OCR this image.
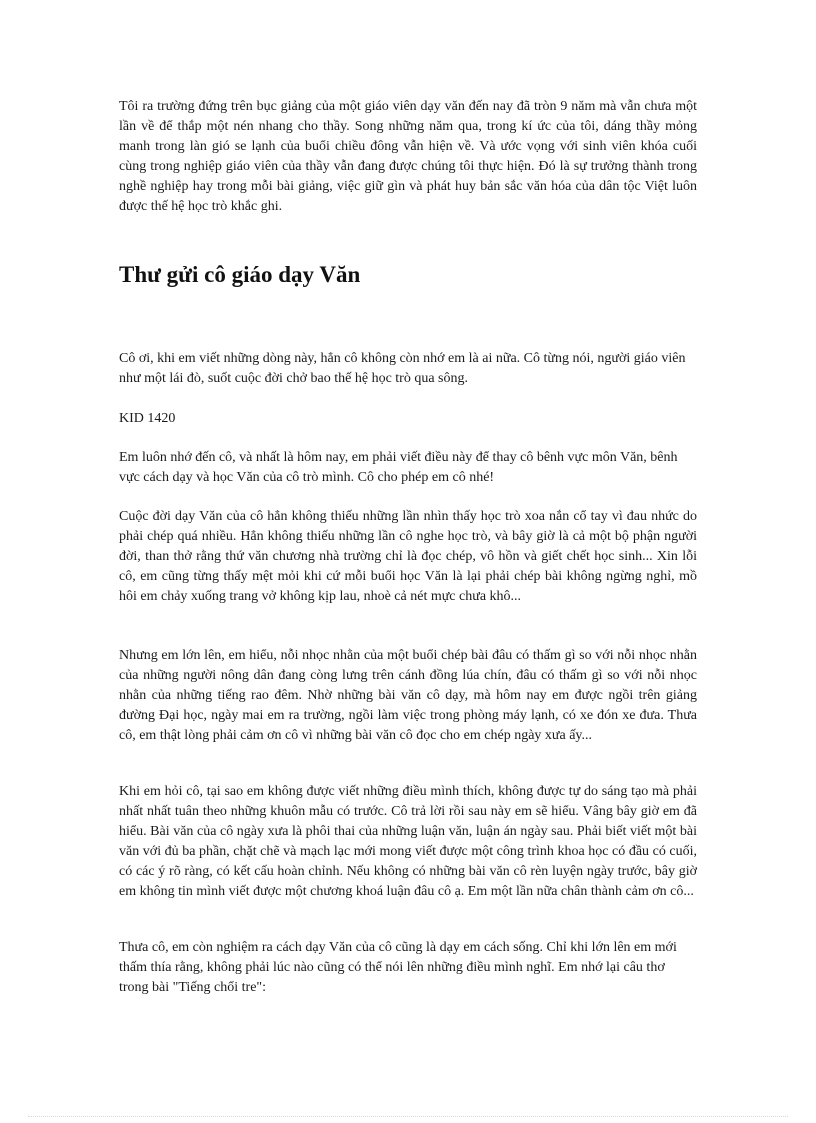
Tôi ra trường đứng trên bục giảng của một giáo viên dạy văn đến nay đã tròn 9 năm mà vẫn chưa một lần về để thắp một nén nhang cho thầy. Song những năm qua, trong kí ức của tôi, dáng thầy mỏng manh trong làn gió se lạnh của buổi chiều đông vẫn hiện về. Và ước vọng với sinh viên khóa cuối cùng trong nghiệp giáo viên của thầy vẫn đang được chúng tôi thực hiện. Đó là sự trưởng thành trong nghề nghiệp hay trong mỗi bài giảng, việc giữ gìn và phát huy bản sắc văn hóa của dân tộc Việt luôn được thế hệ học trò khắc ghi.

Thư gửi cô giáo dạy Văn

Cô ơi, khi em viết những dòng này, hẳn cô không còn nhớ em là ai nữa. Cô từng nói, người giáo viên như một lái đò, suốt cuộc đời chở bao thế hệ học trò qua sông.

KID 1420

Em luôn nhớ đến cô, và nhất là hôm nay, em phải viết điều này để thay cô bênh vực môn Văn, bênh vực cách dạy và học Văn của cô trò mình. Cô cho phép em cô nhé!

Cuộc đời dạy Văn của cô hẳn không thiếu những lần nhìn thấy học trò xoa nắn cổ tay vì đau nhức do phải chép quá nhiều. Hẳn không thiếu những lần cô nghe học trò, và bây giờ là cả một bộ phận người đời, than thở rằng thứ văn chương nhà trường chỉ là đọc chép, vô hồn và giết chết học sinh... Xin lỗi cô, em cũng từng thấy mệt mỏi khi cứ mỗi buổi học Văn là lại phải chép bài không ngừng nghỉ, mồ hôi em chảy xuống trang vở không kịp lau, nhoè cả nét mực chưa khô...

Nhưng em lớn lên, em hiểu, nỗi nhọc nhằn của một buổi chép bài đâu có thấm gì so với nỗi nhọc nhằn của những người nông dân đang còng lưng trên cánh đồng lúa chín, đâu có thấm gì so với nỗi nhọc nhằn của những tiếng rao đêm. Nhờ những bài văn cô dạy, mà hôm nay em được ngồi trên giảng đường Đại học, ngày mai em ra trường, ngồi làm việc trong phòng máy lạnh, có xe đón xe đưa. Thưa cô, em thật lòng phải cảm ơn cô vì những bài văn cô đọc cho em chép ngày xưa ấy...

Khi em hỏi cô, tại sao em không được viết những điều mình thích, không được tự do sáng tạo mà phải nhất nhất tuân theo những khuôn mẫu có trước. Cô trả lời rồi sau này em sẽ hiểu. Vâng bây giờ em đã hiểu. Bài văn của cô ngày xưa là phôi thai của những luận văn, luận án ngày sau. Phải biết viết một bài văn với đủ ba phần, chặt chẽ và mạch lạc mới mong viết được một công trình khoa học có đầu có cuối, có các ý rõ ràng, có kết cấu hoàn chỉnh. Nếu không có những bài văn cô rèn luyện ngày trước, bây giờ em không tin mình viết được một chương khoá luận đâu cô ạ. Em một lần nữa chân thành cảm ơn cô...

Thưa cô, em còn nghiệm ra cách dạy Văn của cô cũng là dạy em cách sống. Chỉ khi lớn lên em mới thấm thía rằng, không phải lúc nào cũng có thể nói lên những điều mình nghĩ. Em nhớ lại câu thơ trong bài "Tiếng chổi tre":
